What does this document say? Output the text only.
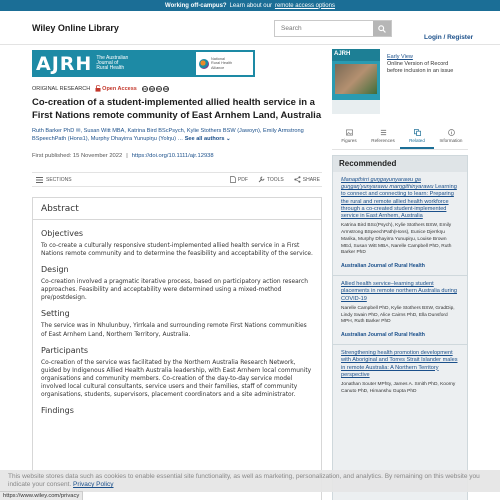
Working off-campus? Learn about our remote access options
Wiley Online Library
Search
Login / Register
AJRH The Australian
Journal of
Rural Health
National
Rural Health
Alliance
AJRH	Early View
Online Version of Record
before inclusion in an issue
ORIGINAL RESEARCH Open Access cc by nc nd
Co-creation of a student-implemented allied health service in a First Nations remote community of East Arnhem Land, Australia
Ruth Barker PhD ✉, Susan Witt MBA, Katrina Bird BScPsych, Kylie Stothers BSW (Jawoyn), Emily Armstrong BSpeechPath (Hons1), Murphy Dhayirra Yunupiŋu (Yolŋu) … See all authors ⌄
First published: 15 November 2022 | https://doi.org/10.1111/ajr.12938
SECTIONS	PDF	TOOLS	SHARE
Abstract
Objectives

To co-create a culturally responsive student-implemented allied health service in a First Nations remote community and to determine the feasibility and acceptability of the service.

Design

Co-creation involved a pragmatic iterative process, based on participatory action research approaches. Feasibility and acceptability were determined using a mixed-method pre/postdesign.

Setting

The service was in Nhulunbuy, Yirrkala and surrounding remote First Nations communities of East Arnhem Land, Northern Territory, Australia.

Participants

Co-creation of the service was facilitated by the Northern Australia Research Network, guided by Indigenous Allied Health Australia leadership, with East Arnhem local community organisations and community members. Co-creation of the day-to-day service model involved local cultural consultants, service users and their families, staff of community organisations, students, supervisors, placement coordinators and a site administrator.

Findings
Figures	References	Related	Information
Recommended
Manapthirri guŋgayunyarawu ga guŋgaŋ'yunyarawu marŋgithinyarawu Learning to connect and connecting to learn: Preparing the rural and remote allied health workforce through a co-created student-implemented service in East Arnhem, Australia
Katrina Bird BSc(Psych), Kylie Stothers BSW, Emily Armstrong BSpeechPath(Hons), Eunice Djerrkŋu Marika, Murphy Dhayirra Yunupiŋu, Louise Brown MEd, Susan Witt MBA, Narelle Campbell PhD, Ruth Barker PhD
Australian Journal of Rural Health
Allied health service–learning student placements in remote northern Australia during COVID-19
Narelle Campbell PhD, Kylie Stothers BSW, GradDip, Lindy Swain PhD, Alice Cairns PhD, Ella Dunsford MPH, Ruth Barker PhD
Australian Journal of Rural Health
Strengthening health promotion development with Aboriginal and Torres Strait Islander males in remote Australia: A Northern Territory perspective
Jonathan Souter MPhty, James A. Smith PhD, Koorny Canuto PhD, Himanshu Gupta PhD
This website stores data such as cookies to enable essential site functionality, as well as marketing, personalization, and analytics. By remaining on this website you indicate your consent. Privacy Policy
https://www.wiley.com/privacy
